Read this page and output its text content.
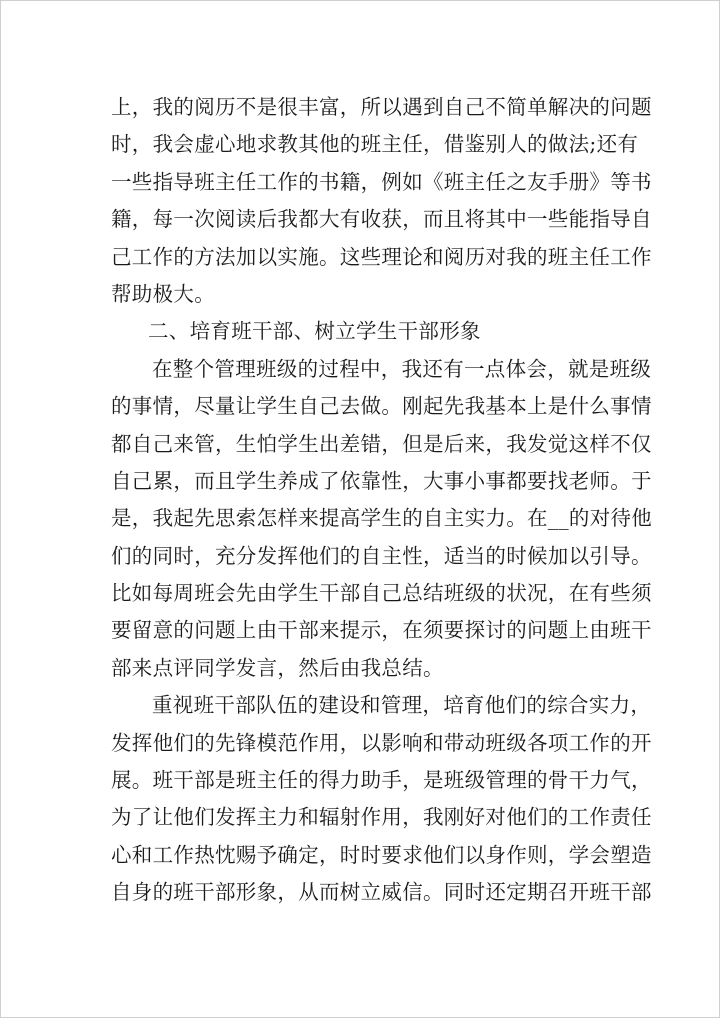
上，我的阅历不是很丰富，所以遇到自己不简单解决的问题
时，我会虚心地求教其他的班主任，借鉴别人的做法;还有
一些指导班主任工作的书籍，例如《班主任之友手册》等书
籍，每一次阅读后我都大有收获，而且将其中一些能指导自
己工作的方法加以实施。这些理论和阅历对我的班主任工作
帮助极大。
二、培育班干部、树立学生干部形象
在整个管理班级的过程中，我还有一点体会，就是班级
的事情，尽量让学生自己去做。刚起先我基本上是什么事情
都自己来管，生怕学生出差错，但是后来，我发觉这样不仅
自己累，而且学生养成了依靠性，大事小事都要找老师。于
是，我起先思索怎样来提高学生的自主实力。在__的对待他
们的同时，充分发挥他们的自主性，适当的时候加以引导。
比如每周班会先由学生干部自己总结班级的状况，在有些须
要留意的问题上由干部来提示，在须要探讨的问题上由班干
部来点评同学发言，然后由我总结。
重视班干部队伍的建设和管理，培育他们的综合实力，
发挥他们的先锋模范作用，以影响和带动班级各项工作的开
展。班干部是班主任的得力助手，是班级管理的骨干力气，
为了让他们发挥主力和辐射作用，我刚好对他们的工作责任
心和工作热忱赐予确定，时时要求他们以身作则，学会塑造
自身的班干部形象，从而树立威信。同时还定期召开班干部
